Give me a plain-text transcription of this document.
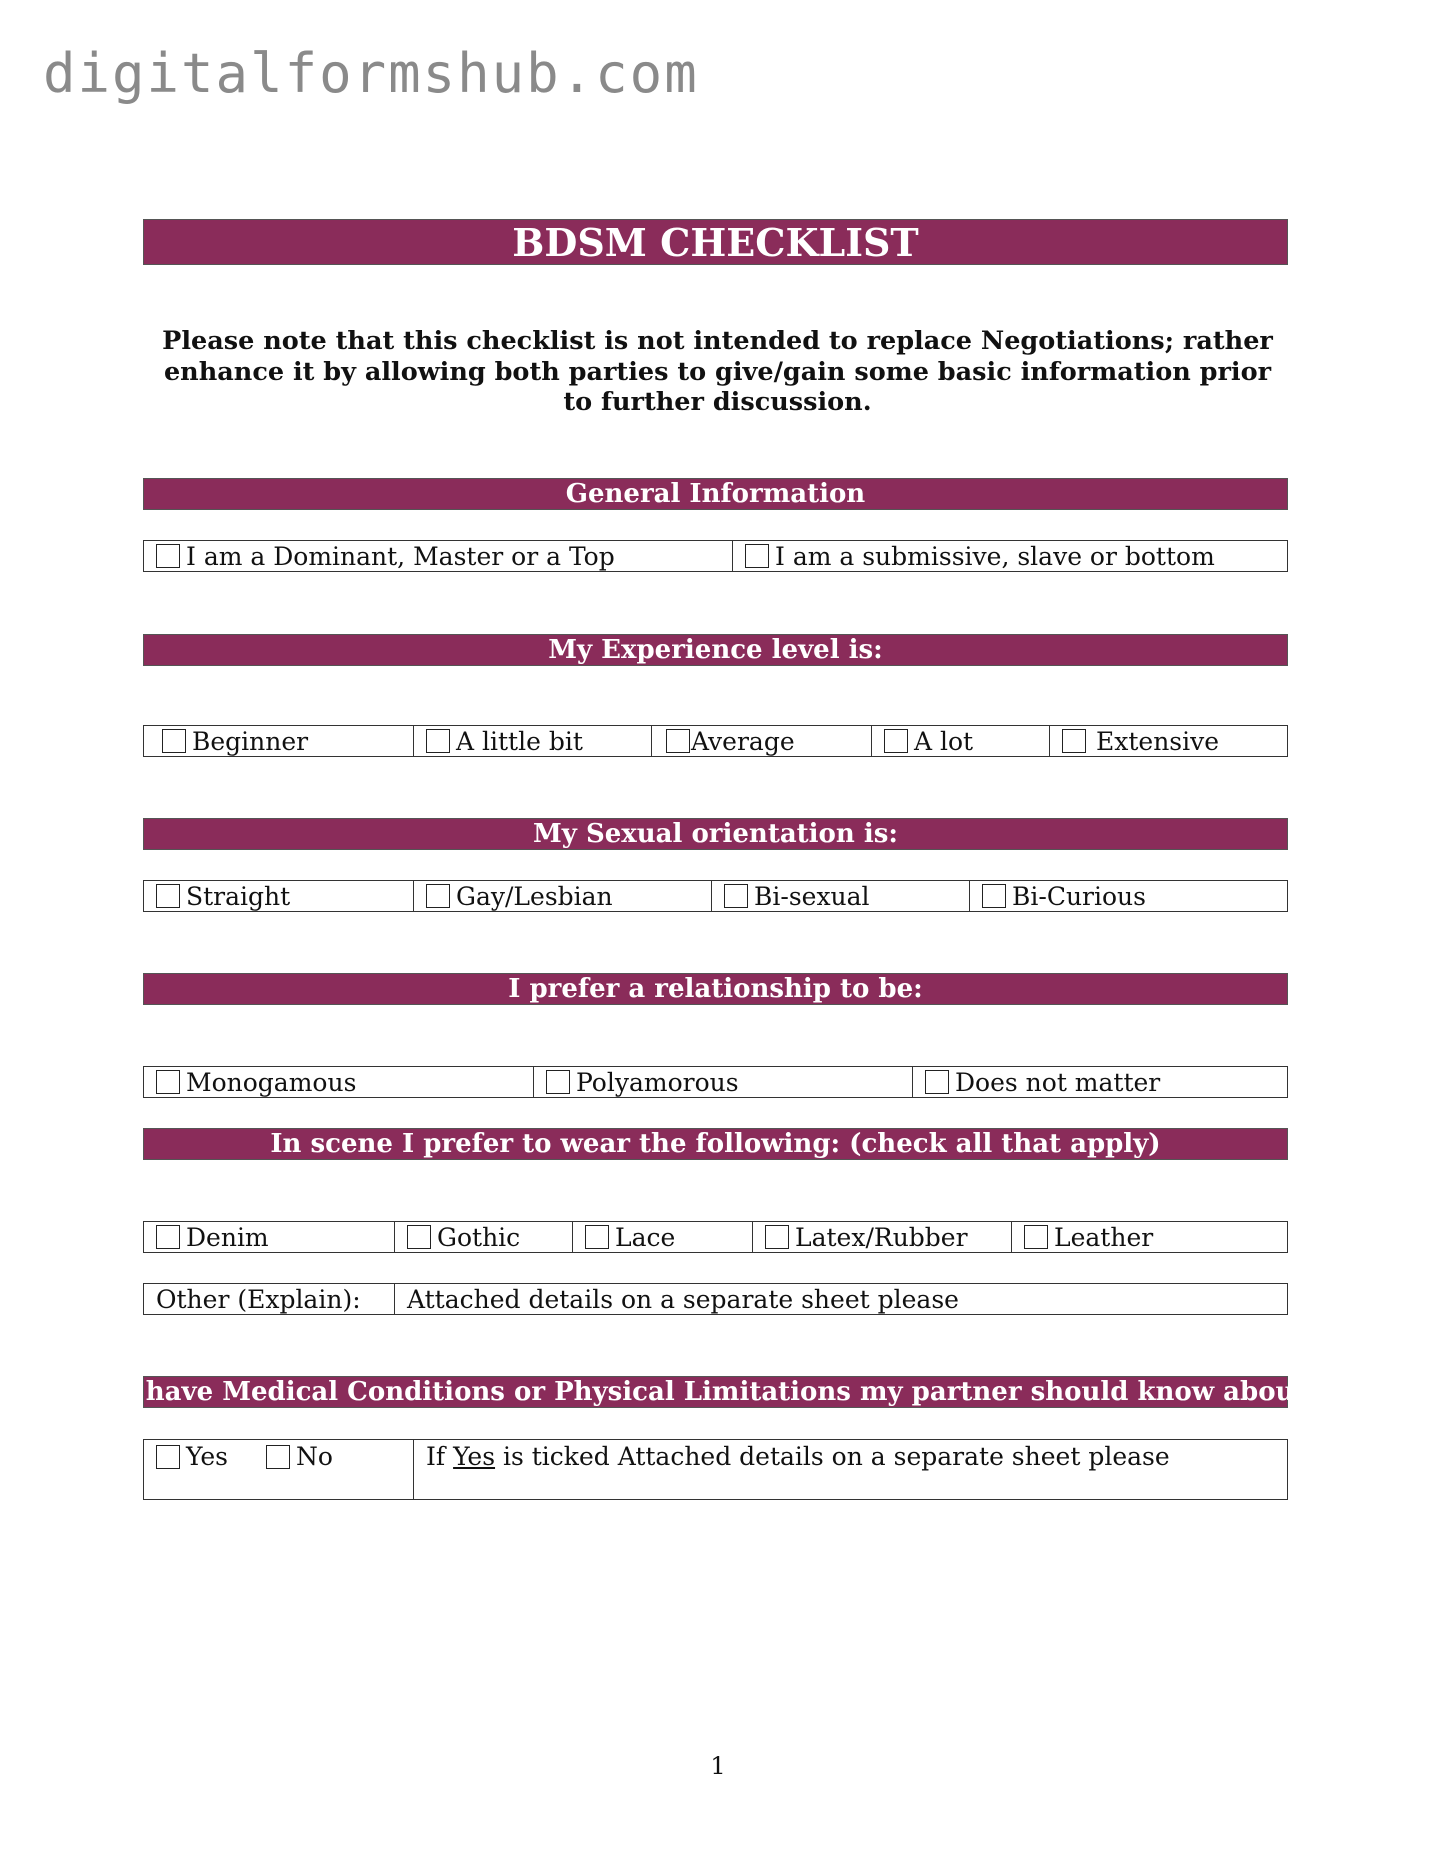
digitalformshub.com
BDSM CHECKLIST
Please note that this checklist is not intended to replace Negotiations; rather enhance it by allowing both parties to give/gain some basic information prior to further discussion.
General Information
I am a Dominant, Master or a Top	I am a submissive, slave or bottom
My Experience level is:
Beginner	A little bit	Average	A lot	Extensive
My Sexual orientation is:
Straight	Gay/Lesbian	Bi-sexual	Bi-Curious
I prefer a relationship to be:
Monogamous	Polyamorous	Does not matter
In scene I prefer to wear the following: (check all that apply)
Denim	Gothic	Lace	Latex/Rubber	Leather
Other (Explain):	Attached details on a separate sheet please
I have Medical Conditions or Physical Limitations my partner should know about
Yes	No	If Yes is ticked Attached details on a separate sheet please
1
